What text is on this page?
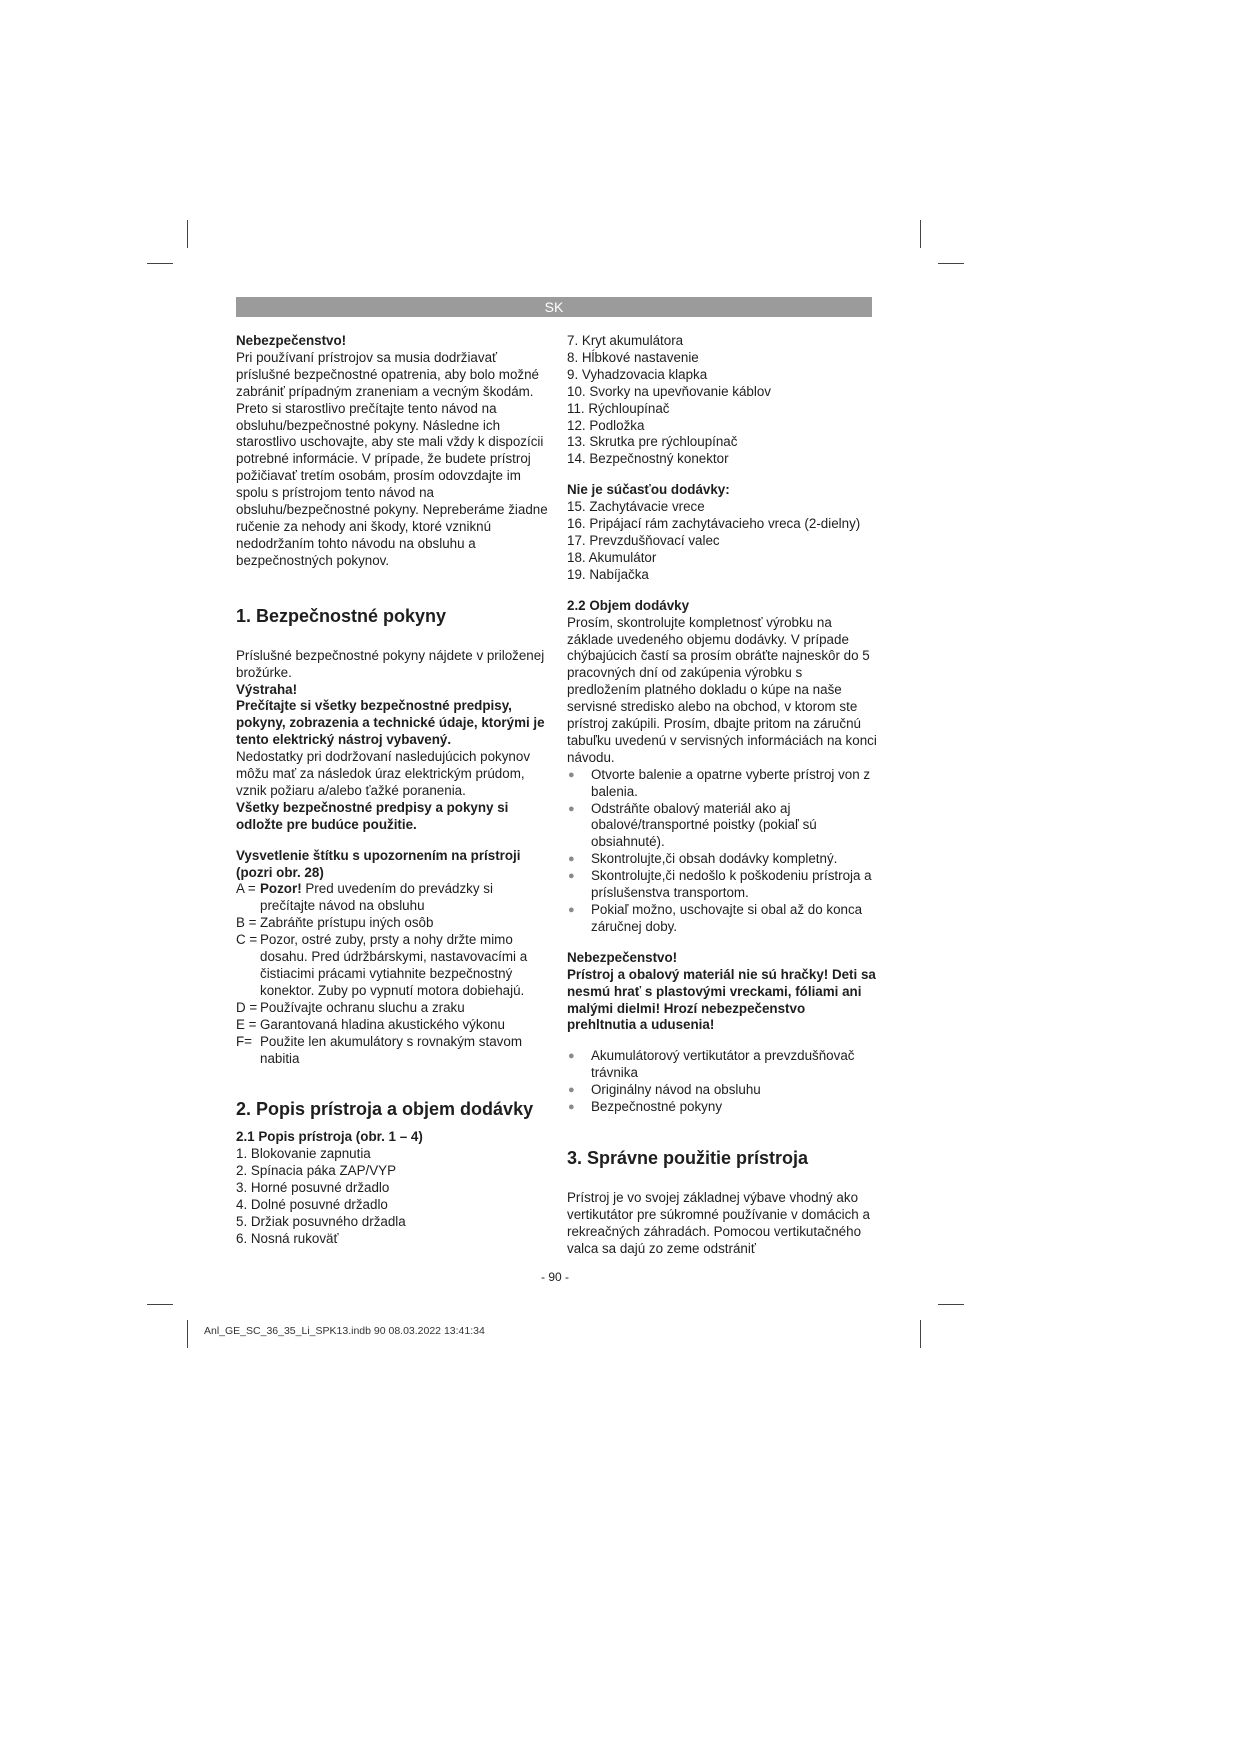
SK

Nebezpečenstvo!

Pri používaní prístrojov sa musia dodržiavať príslušné bezpečnostné opatrenia, aby bolo možné zabrániť prípadným zraneniam a vecným škodám. Preto si starostlivo prečítajte tento návod na obsluhu/bezpečnostné pokyny. Následne ich starostlivo uschovajte, aby ste mali vždy k dispozícii potrebné informácie. V prípade, že budete prístroj požičiavať tretím osobám, prosím odovzdajte im spolu s prístrojom tento návod na obsluhu/bezpečnostné pokyny. Nepreberáme žiadne ručenie za nehody ani škody, ktoré vzniknú nedodržaním tohto návodu na obsluhu a bezpečnostných pokynov.

1. Bezpečnostné pokyny

Príslušné bezpečnostné pokyny nájdete v priloženej brožúrke.

Výstraha!

Prečítajte si všetky bezpečnostné predpisy, pokyny, zobrazenia a technické údaje, ktorými je tento elektrický nástroj vybavený.

Nedostatky pri dodržovaní nasledujúcich pokynov môžu mať za následok úraz elektrickým prúdom, vznik požiaru a/alebo ťažké poranenia.

Všetky bezpečnostné predpisy a pokyny si odložte pre budúce použitie.

Vysvetlenie štítku s upozornením na prístroji (pozri obr. 28)

A = Pozor! Pred uvedením do prevádzky si prečítajte návod na obsluhu
B = Zabráňte prístupu iných osôb
C = Pozor, ostré zuby, prsty a nohy držte mimo dosahu. Pred údržbárskymi, nastavovacími a čistiacimi prácami vytiahnite bezpečnostný konektor. Zuby po vypnutí motora dobiehajú.
D = Používajte ochranu sluchu a zraku
E = Garantovaná hladina akustického výkonu
F= Použite len akumulátory s rovnakým stavom nabitia
2. Popis prístroja a objem dodávky

2.1 Popis prístroja (obr. 1 – 4)

1. Blokovanie zapnutia
2. Spínacia páka ZAP/VYP
3. Horné posuvné držadlo
4. Dolné posuvné držadlo
5. Držiak posuvného držadla
6. Nosná rukoväť
7. Kryt akumulátora
8. Hĺbkové nastavenie
9. Vyhadzovacia klapka
10. Svorky na upevňovanie káblov
11. Rýchloupínač
12. Podložka
13. Skrutka pre rýchloupínač
14. Bezpečnostný konektor

Nie je súčasťou dodávky:

15. Zachytávacie vrece
16. Pripájací rám zachytávacieho vreca (2-dielny)
17. Prevzdušňovací valec
18. Akumulátor
19. Nabíjačka

2.2 Objem dodávky

Prosím, skontrolujte kompletnosť výrobku na základe uvedeného objemu dodávky. V prípade chýbajúcich častí sa prosím obráťte najneskôr do 5 pracovných dní od zakúpenia výrobku s predložením platného dokladu o kúpe na naše servisné stredisko alebo na obchod, v ktorom ste prístroj zakúpili. Prosím, dbajte pritom na záručnú tabuľku uvedenú v servisných informáciách na konci návodu.

● Otvorte balenie a opatrne vyberte prístroj von z balenia.
● Odstráňte obalový materiál ako aj obalové/transportné poistky (pokiaľ sú obsiahnuté).
● Skontrolujte,či obsah dodávky kompletný.
● Skontrolujte,či nedošlo k poškodeniu prístroja a príslušenstva transportom.
● Pokiaľ možno, uschovajte si obal až do konca záručnej doby.

Nebezpečenstvo!

Prístroj a obalový materiál nie sú hračky! Deti sa nesmú hrať s plastovými vreckami, fóliami ani malými dielmi! Hrozí nebezpečenstvo prehltnutia a udusenia!

● Akumulátorový vertikutátor a prevzdušňovač trávnika
● Originálny návod na obsluhu
● Bezpečnostné pokyny
3. Správne použitie prístroja

Prístroj je vo svojej základnej výbave vhodný ako vertikutátor pre súkromné používanie v domácich a rekreačných záhradách. Pomocou vertikutačného valca sa dajú zo zeme odstrániť

- 90 -
Anl_GE_SC_36_35_Li_SPK13.indb 90 08.03.2022 13:41:34
